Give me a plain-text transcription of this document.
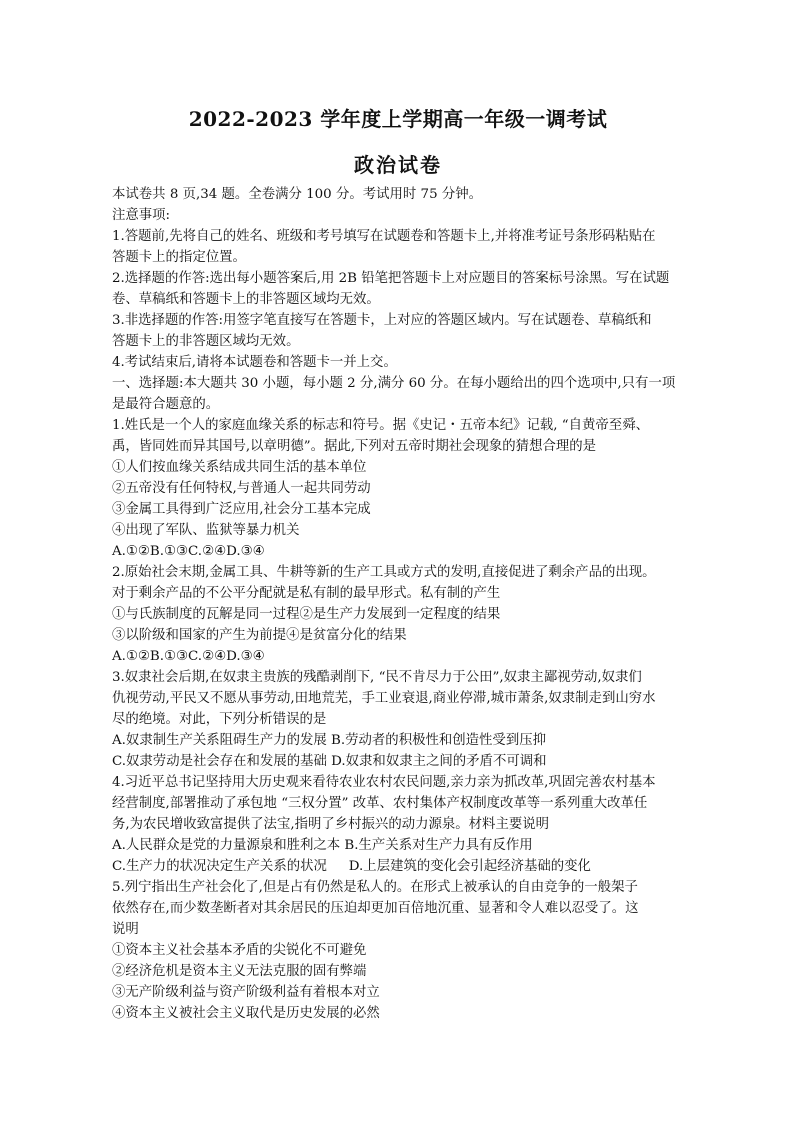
2022-2023 学年度上学期高一年级一调考试
政治试卷
本试卷共 8 页,34 题。全卷满分 100 分。考试用时 75 分钟。
注意事项:
1.答题前,先将自己的姓名、班级和考号填写在试题卷和答题卡上,并将准考证号条形码粘贴在
答题卡上的指定位置。
2.选择题的作答:选出每小题答案后,用 2B 铅笔把答题卡上对应题目的答案标号涂黑。写在试题
卷、草稿纸和答题卡上的非答题区域均无效。
3.非选择题的作答:用签字笔直接写在答题卡，上对应的答题区域内。写在试题卷、草稿纸和
答题卡上的非答题区域均无效。
4.考试结束后,请将本试题卷和答题卡一并上交。
一、选择题:本大题共 30 小题，每小题 2 分,满分 60 分。在每小题给出的四个选项中,只有一项
是最符合题意的。
1.姓氏是一个人的家庭血缘关系的标志和符号。据《史记・五帝本纪》记载, “自黄帝至舜、
禹，皆同姓而异其国号,以章明德”。据此,下列对五帝时期社会现象的猜想合理的是
①人们按血缘关系结成共同生活的基本单位
②五帝没有任何特权,与普通人一起共同劳动
③金属工具得到广泛应用,社会分工基本完成
④出现了军队、监狱等暴力机关
A.①②B.①③C.②④D.③④
2.原始社会末期,金属工具、牛耕等新的生产工具或方式的发明,直接促进了剩余产品的出现。
对于剩余产品的不公平分配就是私有制的最早形式。私有制的产生
①与氏族制度的瓦解是同一过程②是生产力发展到一定程度的结果
③以阶级和国家的产生为前提④是贫富分化的结果
A.①②B.①③C.②④D.③④
3.奴隶社会后期,在奴隶主贵族的残酷剥削下, “民不肯尽力于公田”,奴隶主鄙视劳动,奴隶们
仇视劳动,平民又不愿从事劳动,田地荒芜，手工业衰退,商业停滞,城市萧条,奴隶制走到山穷水
尽的绝境。对此，下列分析错误的是
A.奴隶制生产关系阻碍生产力的发展 B.劳动者的积极性和创造性受到压抑
C.奴隶劳动是社会存在和发展的基础 D.奴隶和奴隶主之间的矛盾不可调和
4.习近平总书记坚持用大历史观来看待农业农村农民问题,亲力亲为抓改革,巩固完善农村基本
经营制度,部署推动了承包地 “三权分置” 改革、农村集体产权制度改革等一系列重大改革任
务,为农民增收致富提供了法宝,指明了乡村振兴的动力源泉。材料主要说明
A.人民群众是党的力量源泉和胜利之本 B.生产关系对生产力具有反作用
C.生产力的状况决定生产关系的状况 　 D.上层建筑的变化会引起经济基础的变化
5.列宁指出生产社会化了,但是占有仍然是私人的。在形式上被承认的自由竞争的一般架子
依然存在,而少数垄断者对其余居民的压迫却更加百倍地沉重、显著和令人难以忍受了。这
说明
①资本主义社会基本矛盾的尖锐化不可避免
②经济危机是资本主义无法克服的固有弊端
③无产阶级利益与资产阶级利益有着根本对立
④资本主义被社会主义取代是历史发展的必然
